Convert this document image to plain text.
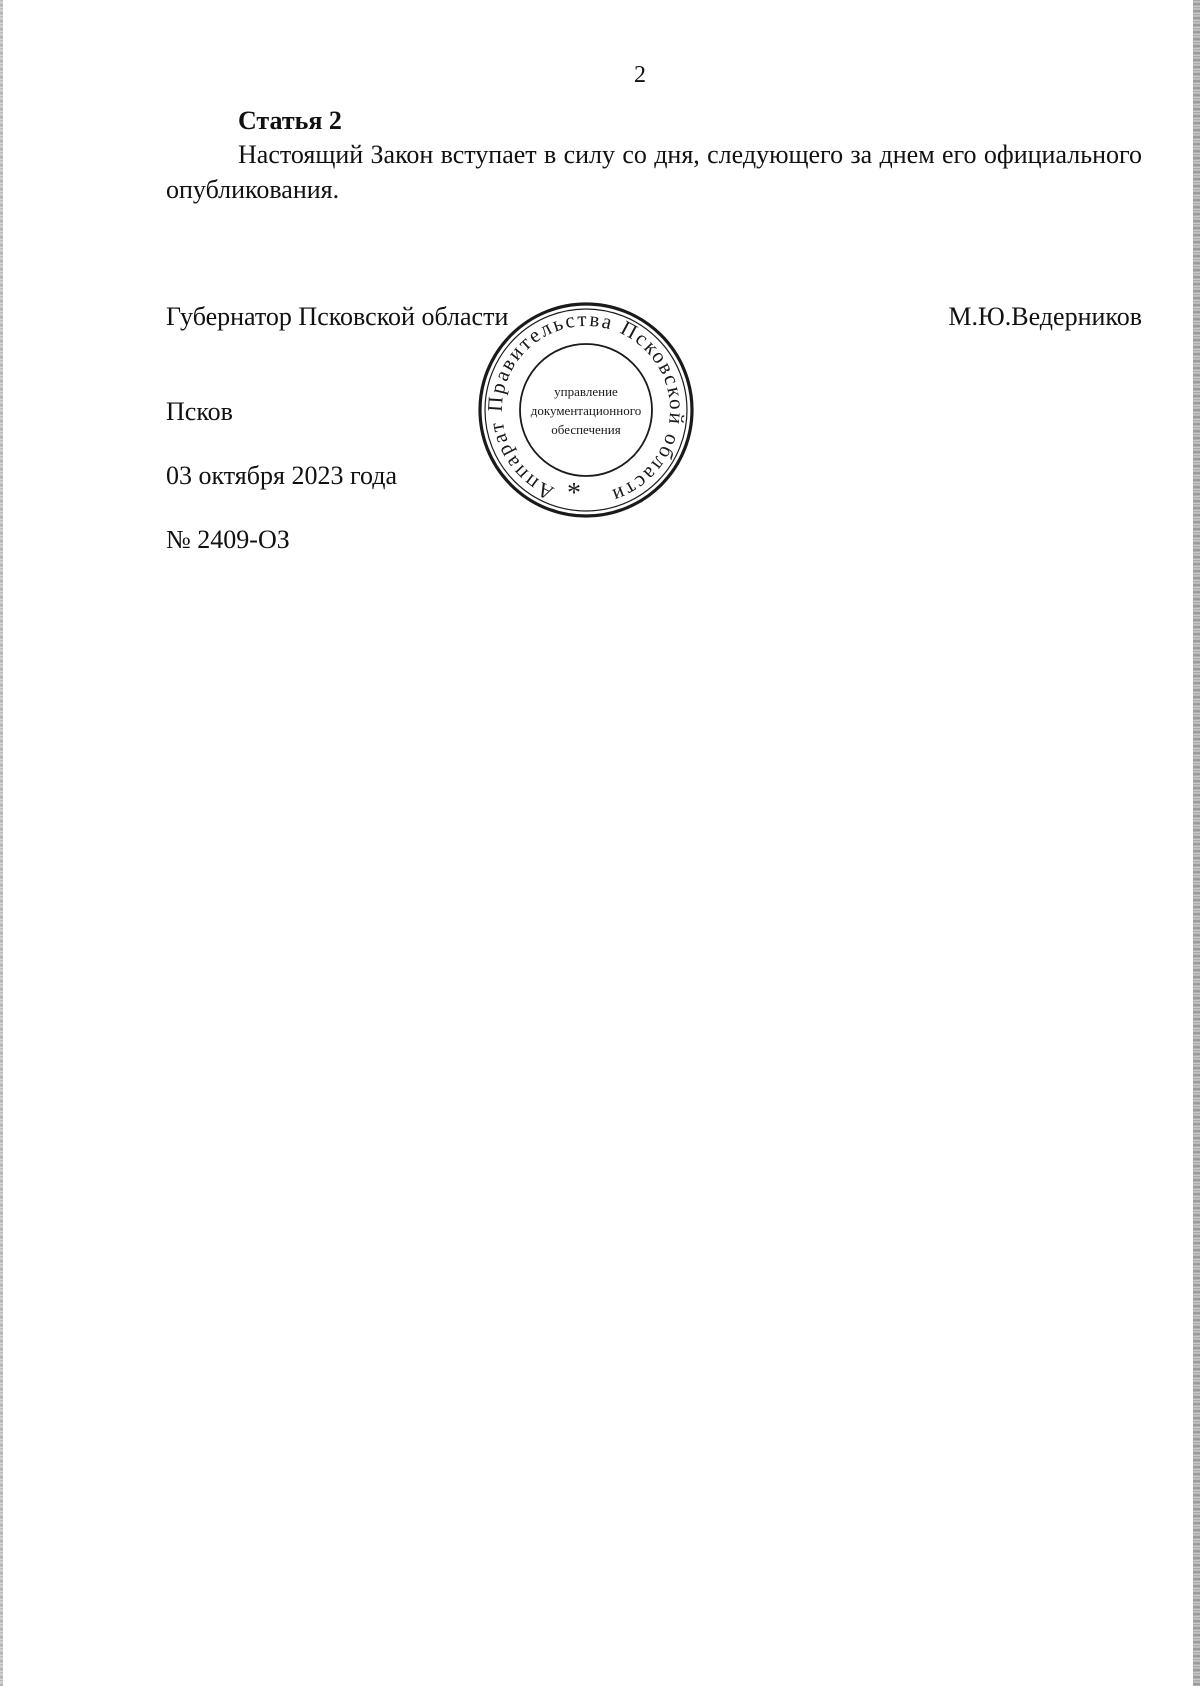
2
Статья 2

Настоящий Закон вступает в силу со дня, следующего за днем его официального опубликования.

Губернатор Псковской области	М.Ю.Ведерников
Псков
03 октября 2023 года
№ 2409-ОЗ
Аппарат Правительства Псковской области
управление
документационного
обеспечения
*
